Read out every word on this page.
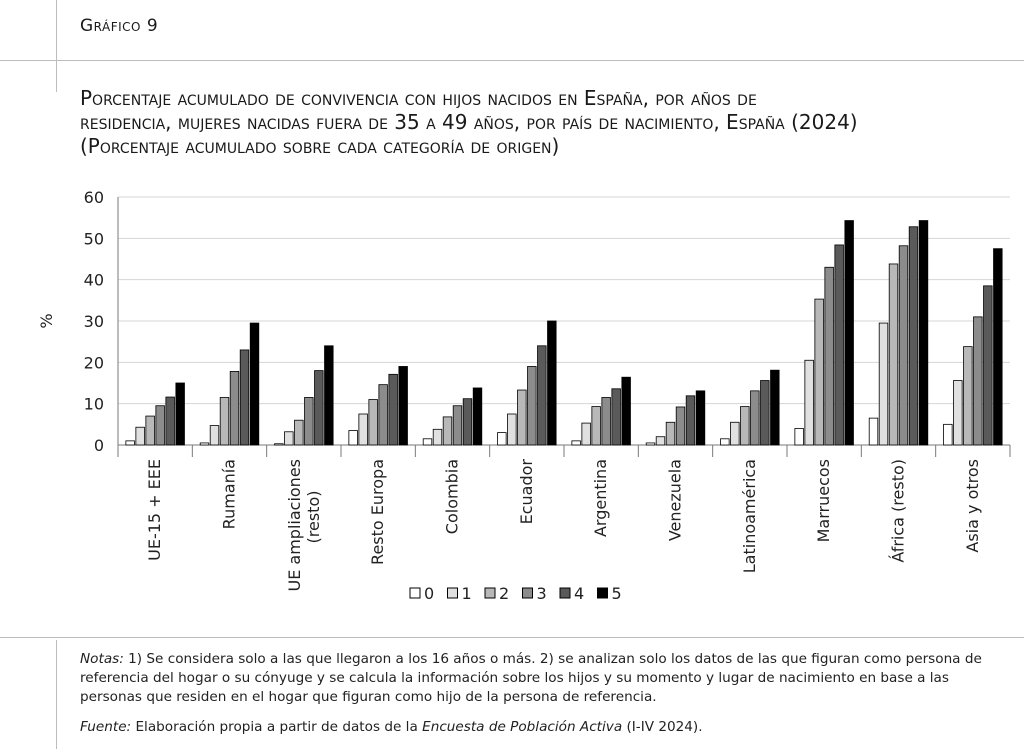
Gráfico 9
Porcentaje acumulado de convivencia con hijos nacidos en España, por años de
residencia, mujeres nacidas fuera de 35 a 49 años, por país de nacimiento, España (2024)
(Porcentaje acumulado sobre cada categoría de origen)
0
10
20
30
40
50
60
%
UE-15 + EEE	Rumanía	UE ampliaciones(resto)	Resto Europa	Colombia	Ecuador	Argentina	Venezuela	Latinoamérica	Marruecos	África (resto)	Asia y otros
0 1 2 3 4 5
Notas: 1) Se considera solo a las que llegaron a los 16 años o más. 2) se analizan solo los datos de las que figuran como persona de referencia del hogar o su cónyuge y se calcula la información sobre los hijos y su momento y lugar de nacimiento en base a las personas que residen en el hogar que figuran como hijo de la persona de referencia.
Fuente: Elaboración propia a partir de datos de la Encuesta de Población Activa (I-IV 2024).
